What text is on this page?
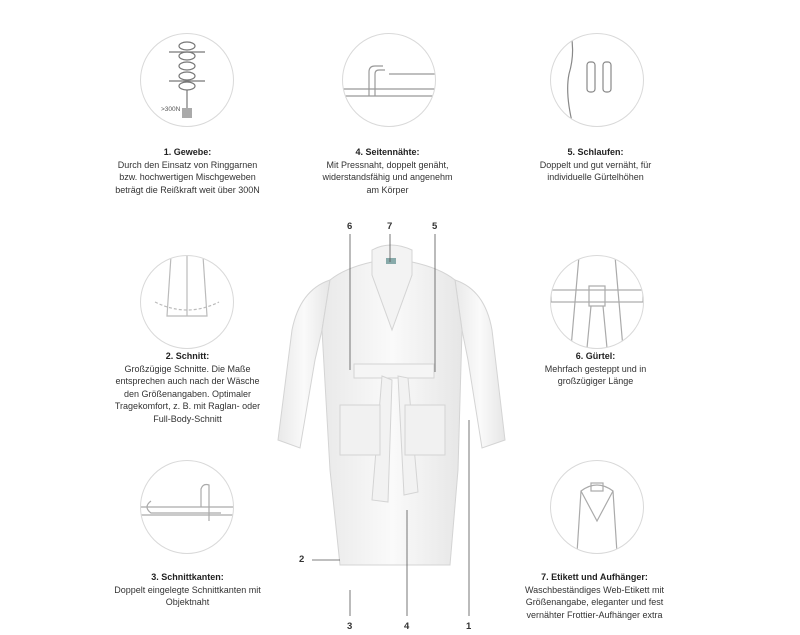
>300N
1. Gewebe:
Durch den Einsatz von Ringgarnen
bzw. hochwertigen Mischgeweben
beträgt die Reißkraft weit über 300N
4. Seitennähte:
Mit Pressnaht, doppelt genäht,
widerstandsfähig und angenehm
am Körper
5. Schlaufen:
Doppelt und gut vernäht, für
individuelle Gürtelhöhen
2. Schnitt:
Großzügige Schnitte. Die Maße
entsprechen auch nach der Wäsche
den Größenangaben. Optimaler
Tragekomfort, z. B. mit Raglan- oder
Full-Body-Schnitt
6. Gürtel:
Mehrfach gesteppt und in
großzügiger Länge
3. Schnittkanten:
Doppelt eingelegte Schnittkanten mit
Objektnaht
7. Etikett und Aufhänger:
Waschbeständiges Web-Etikett mit
Größenangabe, eleganter und fest
vernähter Frottier-Aufhänger extra
6	7	5
2
3	4	1
